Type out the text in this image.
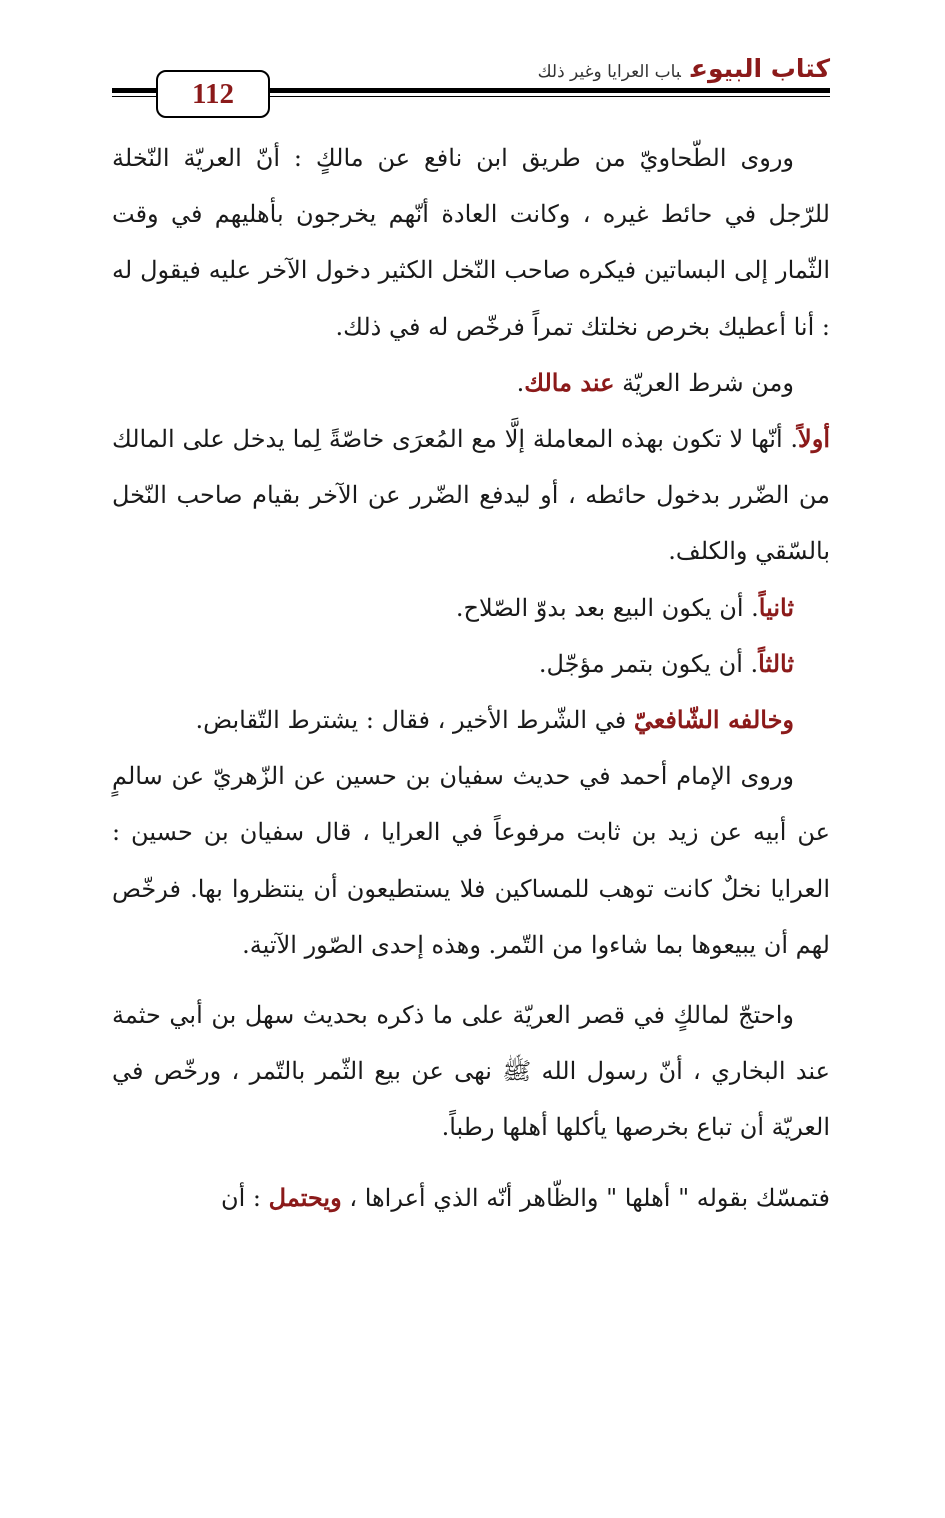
كتاب البيوعباب العرايا وغير ذلك
112

وروى الطّحاويّ من طريق ابن نافع عن مالكٍ : أنّ العريّة النّخلة للرّجل في حائط غيره ، وكانت العادة أنّهم يخرجون بأهليهم في وقت الثّمار إلى البساتين فيكره صاحب النّخل الكثير دخول الآخر عليه فيقول له : أنا أعطيك بخرص نخلتك تمراً فرخّص له في ذلك.

ومن شرط العريّة عند مالك.

أولاً. أنّها لا تكون بهذه المعاملة إلَّا مع المُعرَى خاصّةً لِما يدخل على المالك من الضّرر بدخول حائطه ، أو ليدفع الضّرر عن الآخر بقيام صاحب النّخل بالسّقي والكلف.

ثانياً. أن يكون البيع بعد بدوّ الصّلاح.

ثالثاً. أن يكون بتمر مؤجّل.

وخالفه الشّافعيّ في الشّرط الأخير ، فقال : يشترط التّقابض.

وروى الإمام أحمد في حديث سفيان بن حسين عن الزّهريّ عن سالمٍ عن أبيه عن زيد بن ثابت مرفوعاً في العرايا ، قال سفيان بن حسين : العرايا نخلٌ كانت توهب للمساكين فلا يستطيعون أن ينتظروا بها. فرخّص لهم أن يبيعوها بما شاءوا من التّمر. وهذه إحدى الصّور الآتية.

واحتجّ لمالكٍ في قصر العريّة على ما ذكره بحديث سهل بن أبي حثمة عند البخاري ، أنّ رسول الله ﷺ نهى عن بيع الثّمر بالتّمر ، ورخّص في العريّة أن تباع بخرصها يأكلها أهلها رطباً.

فتمسّك بقوله " أهلها " والظّاهر أنّه الذي أعراها ، ويحتمل : أن
